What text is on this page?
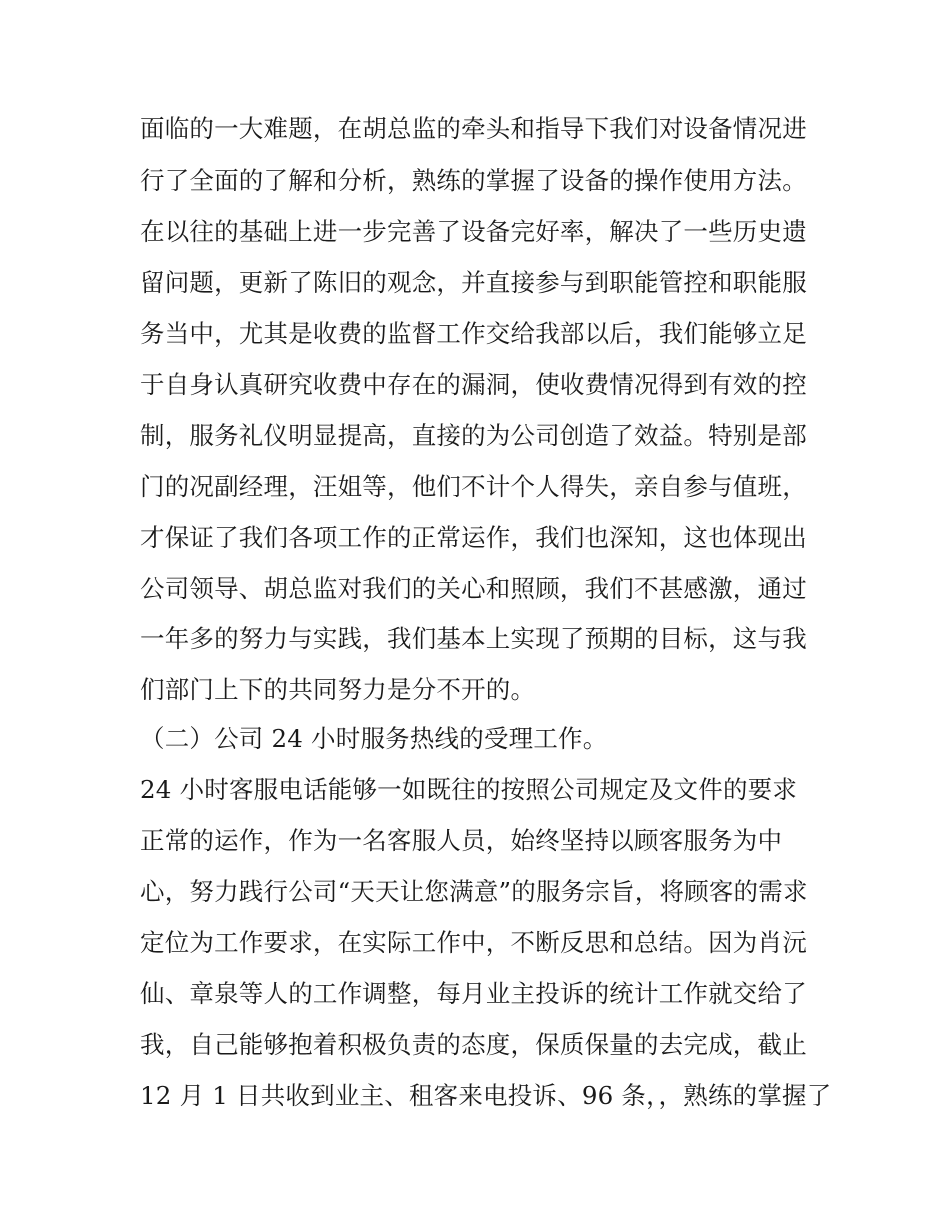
面临的一大难题，在胡总监的牵头和指导下我们对设备情况进
行了全面的了解和分析，熟练的掌握了设备的操作使用方法。
在以往的基础上进一步完善了设备完好率，解决了一些历史遗
留问题，更新了陈旧的观念，并直接参与到职能管控和职能服
务当中，尤其是收费的监督工作交给我部以后，我们能够立足
于自身认真研究收费中存在的漏洞，使收费情况得到有效的控
制，服务礼仪明显提高，直接的为公司创造了效益。特别是部
门的况副经理，汪姐等，他们不计个人得失，亲自参与值班，
才保证了我们各项工作的正常运作，我们也深知，这也体现出
公司领导、胡总监对我们的关心和照顾，我们不甚感激，通过
一年多的努力与实践，我们基本上实现了预期的目标，这与我
们部门上下的共同努力是分不开的。
（二）公司 24 小时服务热线的受理工作。
24 小时客服电话能够一如既往的按照公司规定及文件的要求
正常的运作，作为一名客服人员，始终坚持以顾客服务为中
心，努力践行公司“天天让您满意”的服务宗旨，将顾客的需求
定位为工作要求，在实际工作中，不断反思和总结。因为肖沅
仙、章泉等人的工作调整，每月业主投诉的统计工作就交给了
我，自己能够抱着积极负责的态度，保质保量的去完成，截止
12 月 1 日共收到业主、租客来电投诉、96 条，，熟练的掌握了
